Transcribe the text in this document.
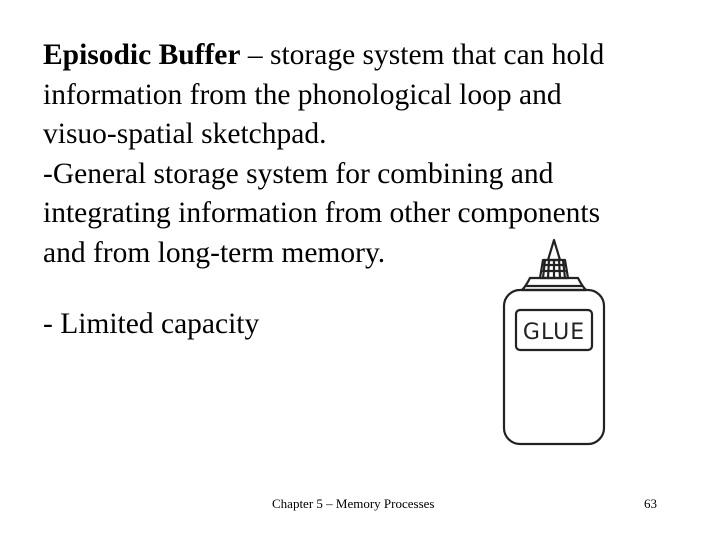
Episodic Buffer – storage system that can hold
information from the phonological loop and
visuo-spatial sketchpad.
-General storage system for combining and
integrating information from other components
and from long-term memory.
- Limited capacity	GLUE
Chapter 5 – Memory Processes	63
